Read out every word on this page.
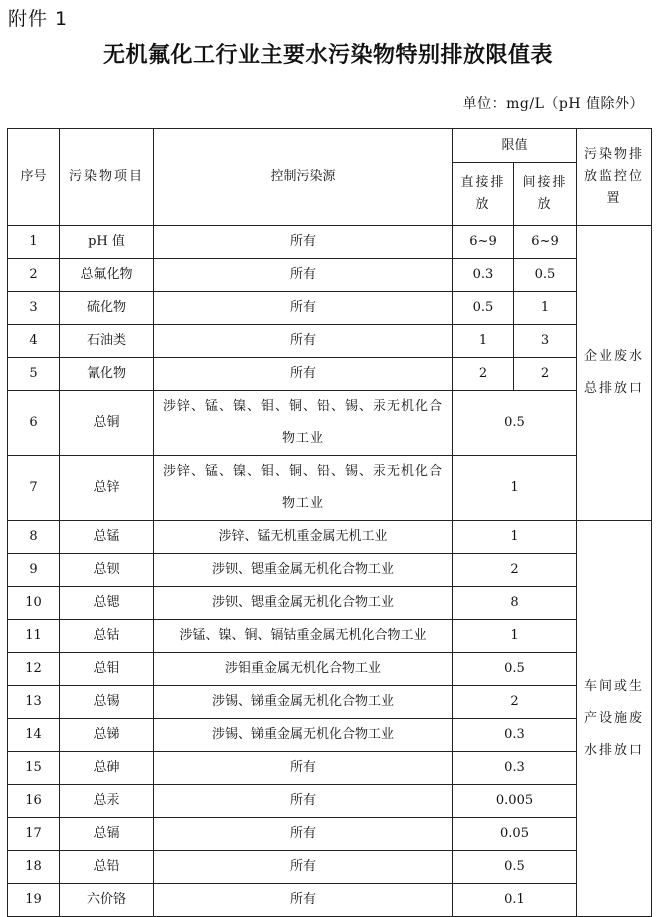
附件 1
无机氟化工行业主要水污染物特别排放限值表
单位：mg/L（pH 值除外）
序号	污染物项目	控制污染源	限值		污染物排放监控位置
			直接排放	间接排放	
1	pH 值	所有	6~9	6~9	企业废水总排放口
2	总氟化物	所有	0.3	0.5	
3	硫化物	所有	0.5	1	
4	石油类	所有	1	3	
5	氰化物	所有	2	2	
6	总铜	涉锌、锰、镍、钼、铜、铅、锡、汞无机化合物工业	0.5		
7	总锌	涉锌、锰、镍、钼、铜、铅、锡、汞无机化合物工业	1		
8	总锰	涉锌、锰无机重金属无机工业	1		车间或生产设施废水排放口
9	总钡	涉钡、锶重金属无机化合物工业	2		
10	总锶	涉钡、锶重金属无机化合物工业	8		
11	总钴	涉锰、镍、铜、镉钴重金属无机化合物工业	1		
12	总钼	涉钼重金属无机化合物工业	0.5		
13	总锡	涉锡、锑重金属无机化合物工业	2		
14	总锑	涉锡、锑重金属无机化合物工业	0.3		
15	总砷	所有	0.3		
16	总汞	所有	0.005		
17	总镉	所有	0.05		
18	总铅	所有	0.5		
19	六价铬	所有	0.1		
